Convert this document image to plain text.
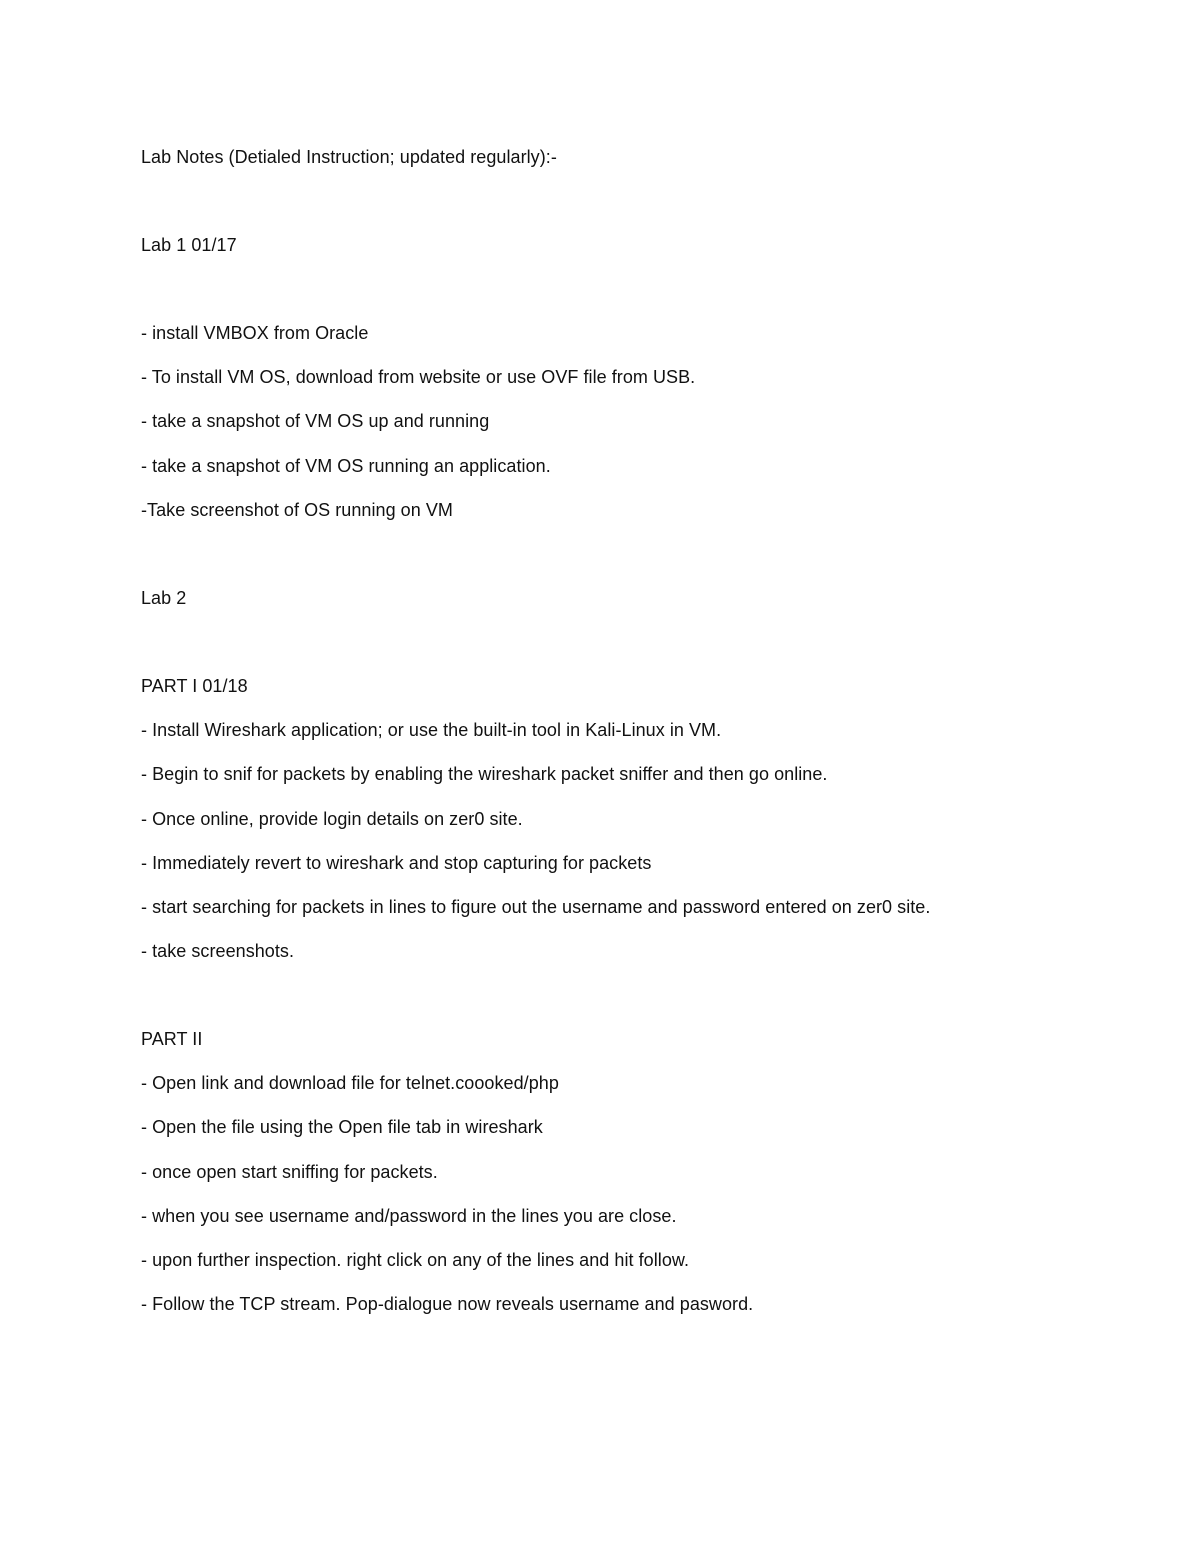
Lab Notes (Detialed Instruction; updated regularly):-
Lab 1 01/17
- install VMBOX from Oracle
- To install VM OS, download from website or use OVF file from USB.
- take a snapshot of VM OS up and running
- take a snapshot of VM OS running an application.
-Take screenshot of OS running on VM
Lab 2
PART I 01/18
- Install Wireshark application; or use the built-in tool in Kali-Linux in VM.
- Begin to snif for packets by enabling the wireshark packet sniffer and then go online.
- Once online, provide login details on zer0 site.
- Immediately revert to wireshark and stop capturing for packets
- start searching for packets in lines to figure out the username and password entered on zer0 site.
- take screenshots.
PART II
- Open link and download file for telnet.coooked/php
- Open the file using the Open file tab in wireshark
- once open start sniffing for packets.
- when you see username and/password in the lines you are close.
- upon further inspection. right click on any of the lines and hit follow.
- Follow the TCP stream. Pop-dialogue now reveals username and pasword.
